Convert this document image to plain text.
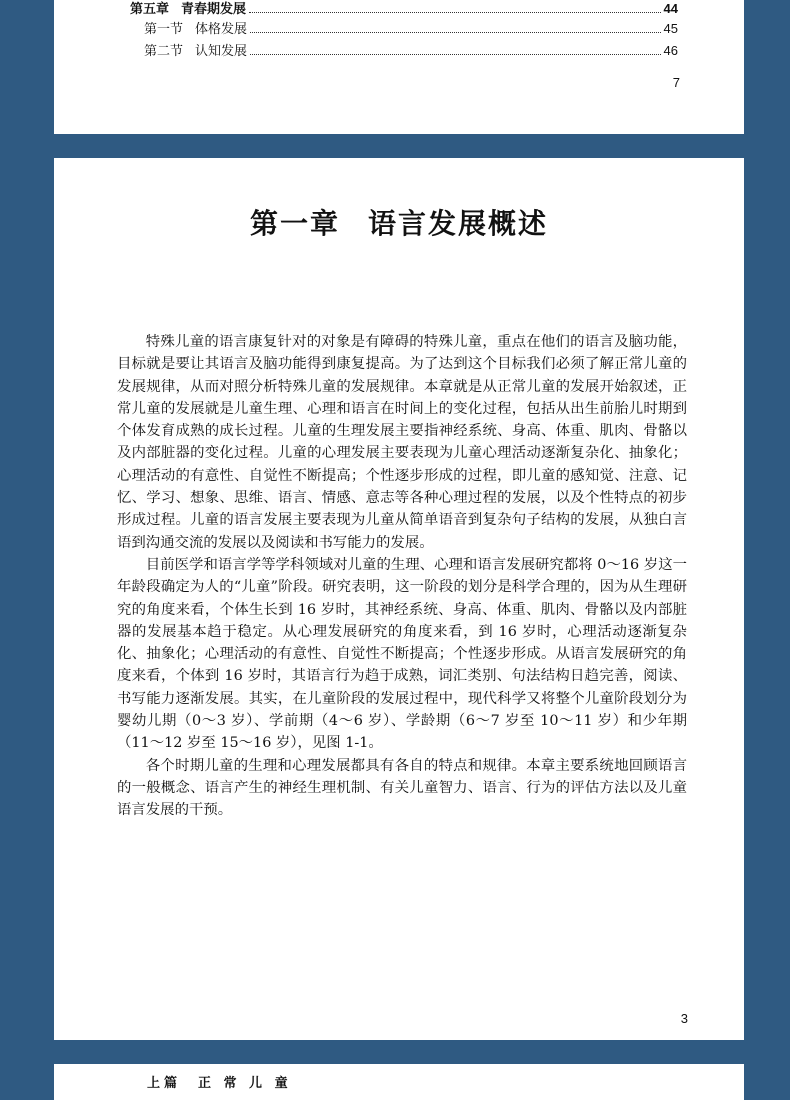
第五章 青春期发展	44
第一节 体格发展	45
第二节 认知发展	46
7
第一章 语言发展概述

特殊儿童的语言康复针对的对象是有障碍的特殊儿童，重点在他们的语言及脑功能，目标就是要让其语言及脑功能得到康复提高。为了达到这个目标我们必须了解正常儿童的发展规律，从而对照分析特殊儿童的发展规律。本章就是从正常儿童的发展开始叙述，正常儿童的发展就是儿童生理、心理和语言在时间上的变化过程，包括从出生前胎儿时期到个体发育成熟的成长过程。儿童的生理发展主要指神经系统、身高、体重、肌肉、骨骼以及内部脏器的变化过程。儿童的心理发展主要表现为儿童心理活动逐渐复杂化、抽象化；心理活动的有意性、自觉性不断提高；个性逐步形成的过程，即儿童的感知觉、注意、记忆、学习、想象、思维、语言、情感、意志等各种心理过程的发展，以及个性特点的初步形成过程。儿童的语言发展主要表现为儿童从简单语音到复杂句子结构的发展，从独白言语到沟通交流的发展以及阅读和书写能力的发展。

目前医学和语言学等学科领域对儿童的生理、心理和语言发展研究都将 0～16 岁这一年龄段确定为人的“儿童”阶段。研究表明，这一阶段的划分是科学合理的，因为从生理研究的角度来看，个体生长到 16 岁时，其神经系统、身高、体重、肌肉、骨骼以及内部脏器的发展基本趋于稳定。从心理发展研究的角度来看，到 16 岁时，心理活动逐渐复杂化、抽象化；心理活动的有意性、自觉性不断提高；个性逐步形成。从语言发展研究的角度来看，个体到 16 岁时，其语言行为趋于成熟，词汇类别、句法结构日趋完善，阅读、书写能力逐渐发展。其实，在儿童阶段的发展过程中，现代科学又将整个儿童阶段划分为婴幼儿期（0～3 岁）、学前期（4～6 岁）、学龄期（6～7 岁至 10～11 岁）和少年期（11～12 岁至 15～16 岁），见图 1-1。

各个时期儿童的生理和心理发展都具有各自的特点和规律。本章主要系统地回顾语言的一般概念、语言产生的神经生理机制、有关儿童智力、语言、行为的评估方法以及儿童语言发展的干预。

3
上篇　正 常 儿 童
